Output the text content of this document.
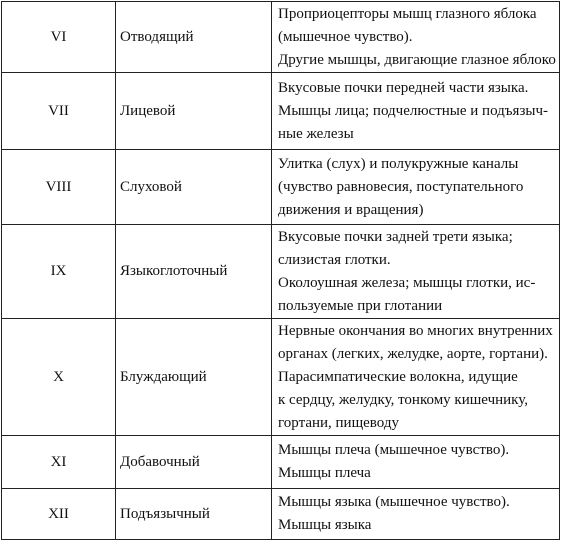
VI	Отводящий	Проприоцепторы мышц глазного яблока
(мышечное чувство).
Другие мышцы, двигающие глазное яблоко

VII	Лицевой	Вкусовые почки передней части языка.
Мышцы лица; подчелюстные и подъязыч-
ные железы

VIII	Слуховой	Улитка (слух) и полукружные каналы
(чувство равновесия, поступательного
движения и вращения)

IX	Языкоглоточный	Вкусовые почки задней трети языка;
слизистая глотки.
Околоушная железа; мышцы глотки, ис-
пользуемые при глотании

X	Блуждающий	Нервные окончания во многих внутренних
органах (легких, желудке, аорте, гортани).
Парасимпатические волокна, идущие
к сердцу, желудку, тонкому кишечнику,
гортани, пищеводу

XI	Добавочный	Мышцы плеча (мышечное чувство).
Мышцы плеча

XII	Подъязычный	Мышцы языка (мышечное чувство).
Мышцы языка
